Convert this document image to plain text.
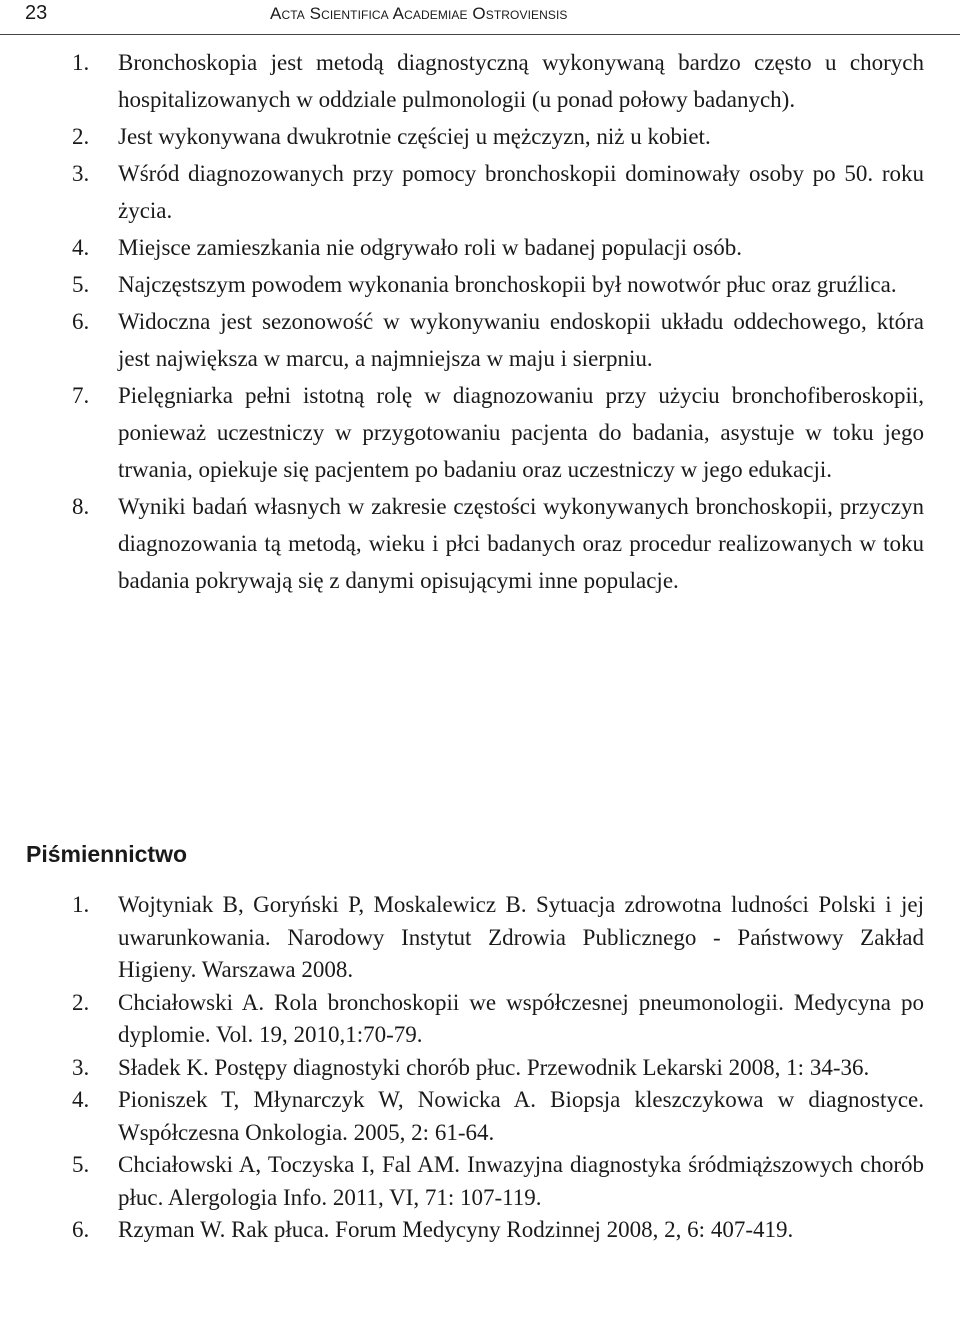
23	Acta Scientifica Academiae Ostroviensis
1. Bronchoskopia jest metodą diagnostyczną wykonywaną bardzo często u chorych hospitalizowanych w oddziale pulmonologii (u ponad połowy badanych).
2. Jest wykonywana dwukrotnie częściej u mężczyzn, niż u kobiet.
3. Wśród diagnozowanych przy pomocy bronchoskopii dominowały osoby po 50. roku życia.
4. Miejsce zamieszkania nie odgrywało roli w badanej populacji osób.
5. Najczęstszym powodem wykonania bronchoskopii był nowotwór płuc oraz gruźlica.
6. Widoczna jest sezonowość w wykonywaniu endoskopii układu oddechowego, która jest największa w marcu, a najmniejsza w maju i sierpniu.
7. Pielęgniarka pełni istotną rolę w diagnozowaniu przy użyciu bronchofiberoskopii, ponieważ uczestniczy w przygotowaniu pacjenta do badania, asystuje w toku jego trwania, opiekuje się pacjentem po badaniu oraz uczestniczy w jego edukacji.
8. Wyniki badań własnych w zakresie częstości wykonywanych bronchoskopii, przyczyn diagnozowania tą metodą, wieku i płci badanych oraz procedur realizowanych w toku badania pokrywają się z danymi opisującymi inne populacje.
Piśmiennictwo
1. Wojtyniak B, Goryński P, Moskalewicz B. Sytuacja zdrowotna ludności Polski i jej uwarunkowania. Narodowy Instytut Zdrowia Publicznego - Państwowy Zakład Higieny. Warszawa 2008.
2. Chciałowski A. Rola bronchoskopii we współczesnej pneumonologii. Medycyna po dyplomie. Vol. 19, 2010,1:70-79.
3. Sładek K. Postępy diagnostyki chorób płuc. Przewodnik Lekarski 2008, 1: 34-36.
4. Pioniszek T, Młynarczyk W, Nowicka A. Biopsja kleszczykowa w diagnostyce. Współczesna Onkologia. 2005, 2: 61-64.
5. Chciałowski A, Toczyska I, Fal AM. Inwazyjna diagnostyka śródmiąższowych chorób płuc. Alergologia Info. 2011, VI, 71: 107-119.
6. Rzyman W. Rak płuca. Forum Medycyny Rodzinnej 2008, 2, 6: 407-419.
